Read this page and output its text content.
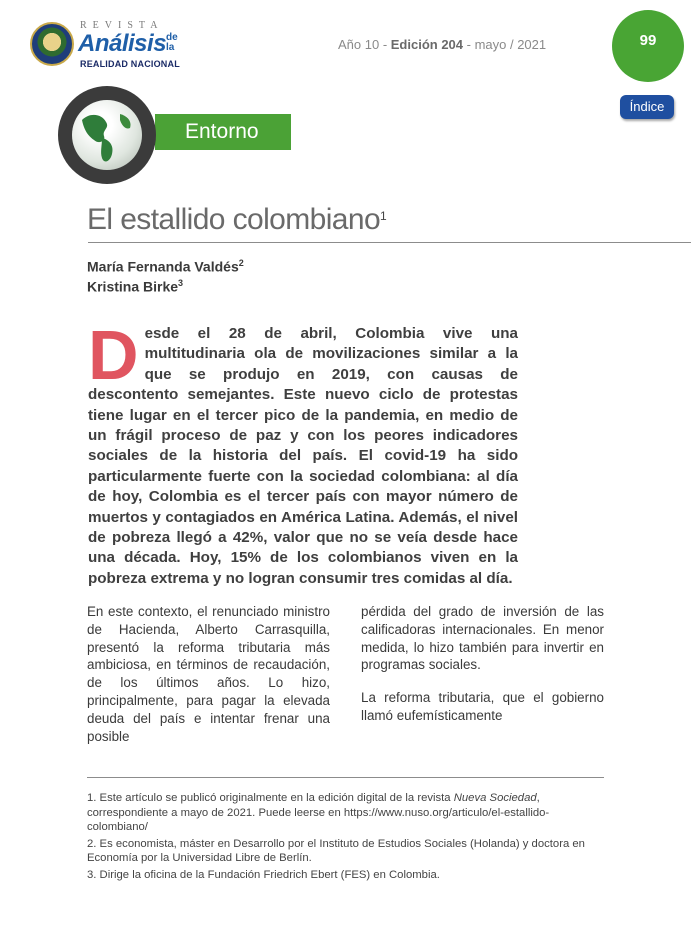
REVISTA
Análisis de
la
REALIDAD NACIONAL
Año 10 - Edición 204 - mayo / 2021	99
Índice
Entorno
El estallido colombiano$^1$
María Fernanda Valdés$^2$
Kristina Birke$^3$
D esde el 28 de abril, Colombia vive una multitudinaria ola de movilizaciones similar a la que se produjo en 2019, con causas de descontento semejantes. Este nuevo ciclo de protestas tiene lugar en el tercer pico de la pandemia, en medio de un frágil proceso de paz y con los peores indicadores sociales de la historia del país. El covid-19 ha sido particularmente fuerte con la sociedad colombiana: al día de hoy, Colombia es el tercer país con mayor número de muertos y contagiados en América Latina. Además, el nivel de pobreza llegó a 42%, valor que no se veía desde hace una década. Hoy, 15% de los colombianos viven en la pobreza extrema y no logran consumir tres comidas al día.

En este contexto, el renunciado ministro de Hacienda, Alberto Carrasquilla, presentó la reforma tributaria más ambiciosa, en términos de recaudación, de los últimos años. Lo hizo, principalmente, para pagar la elevada deuda del país e intentar frenar una posible

pérdida del grado de inversión de las calificadoras internacionales. En menor medida, lo hizo también para invertir en programas sociales.

La reforma tributaria, que el gobierno llamó eufemísticamente

1. Este artículo se publicó originalmente en la edición digital de la revista Nueva Sociedad, correspondiente a mayo de 2021. Puede leerse en https://www.nuso.org/articulo/el-estallido-colombiano/

2. Es economista, máster en Desarrollo por el Instituto de Estudios Sociales (Holanda) y doctora en Economía por la Universidad Libre de Berlín.

3. Dirige la oficina de la Fundación Friedrich Ebert (FES) en Colombia.
